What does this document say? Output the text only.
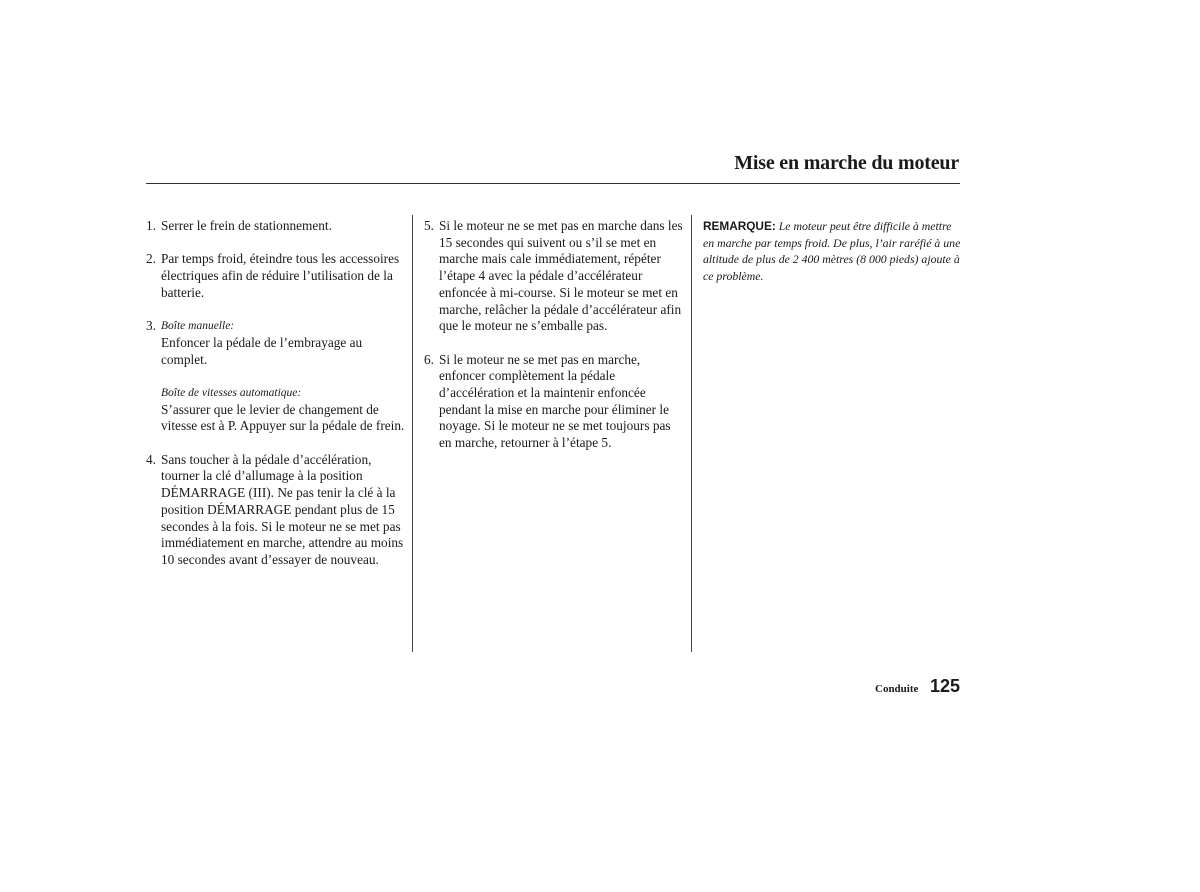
Mise en marche du moteur
1. Serrer le frein de stationnement.

2. Par temps froid, éteindre tous les accessoires électriques afin de réduire l’utilisation de la batterie.

3. Boîte manuelle:

Enfoncer la pédale de l’embrayage au complet.

Boîte de vitesses automatique:

S’assurer que le levier de changement de vitesse est à P. Appuyer sur la pédale de frein.

4. Sans toucher à la pédale d’accélération, tourner la clé d’allumage à la position DÉMARRAGE (III). Ne pas tenir la clé à la position DÉMARRAGE pendant plus de 15 secondes à la fois. Si le moteur ne se met pas immédiatement en marche, attendre au moins 10 secondes avant d’essayer de nouveau.

5. Si le moteur ne se met pas en marche dans les 15 secondes qui suivent ou s’il se met en marche mais cale immédiatement, répéter l’étape 4 avec la pédale d’accélérateur enfoncée à mi-course. Si le moteur se met en marche, relâcher la pédale d’accélérateur afin que le moteur ne s’emballe pas.

6. Si le moteur ne se met pas en marche, enfoncer complètement la pédale d’accélération et la maintenir enfoncée pendant la mise en marche pour éliminer le noyage. Si le moteur ne se met toujours pas en marche, retourner à l’étape 5.

REMARQUE: Le moteur peut être difficile à mettre en marche par temps froid. De plus, l’air raréfié à une altitude de plus de 2 400 mètres (8 000 pieds) ajoute à ce problème.
Conduite 125
